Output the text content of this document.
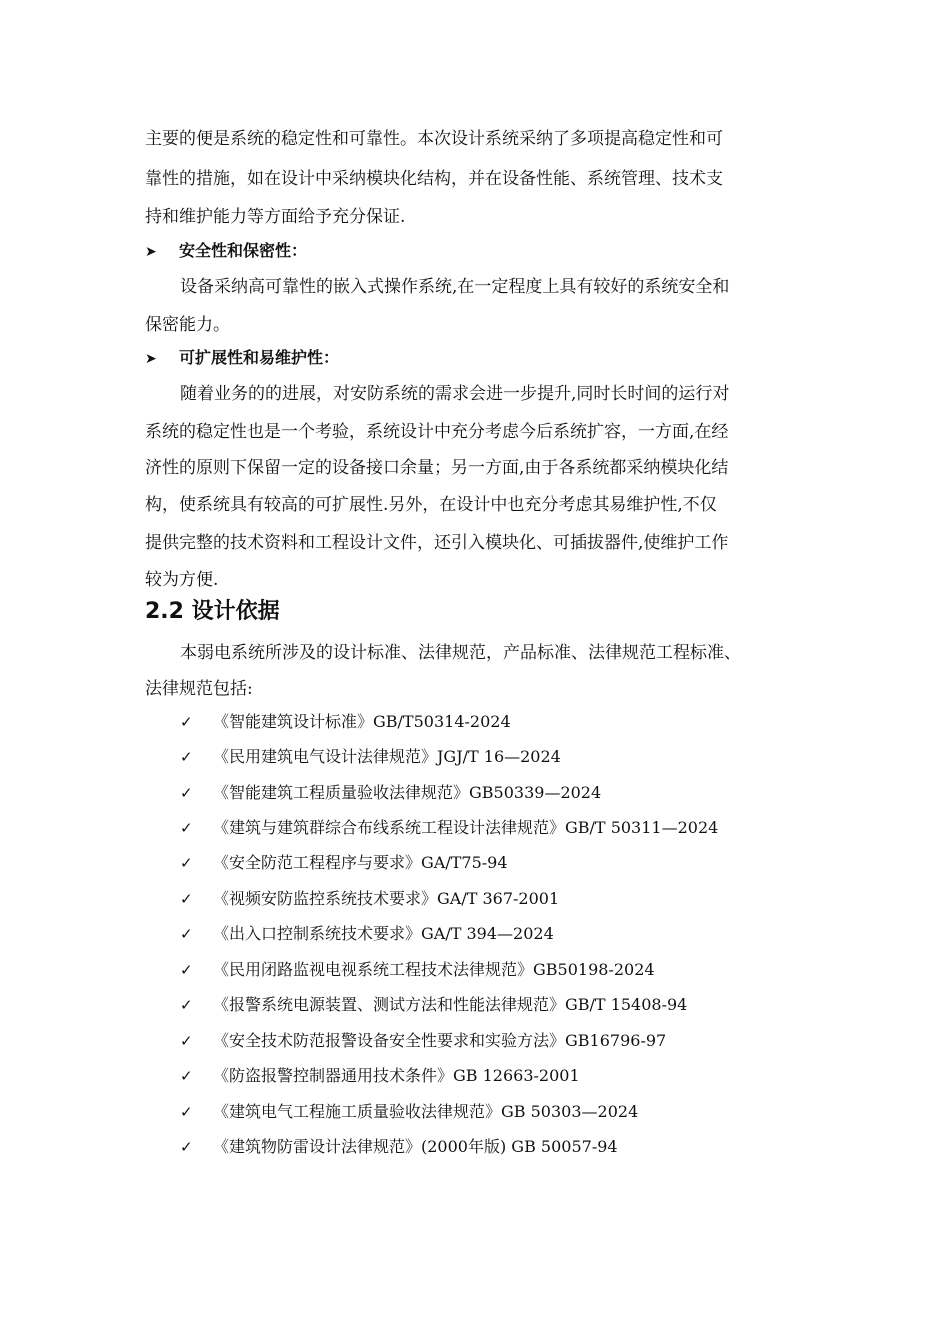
主要的便是系统的稳定性和可靠性。本次设计系统采纳了多项提高稳定性和可
靠性的措施，如在设计中采纳模块化结构，并在设备性能、系统管理、技术支
持和维护能力等方面给予充分保证.
➤ 安全性和保密性：
设备采纳高可靠性的嵌入式操作系统,在一定程度上具有较好的系统安全和
保密能力。
➤ 可扩展性和易维护性：
随着业务的的进展，对安防系统的需求会进一步提升,同时长时间的运行对
系统的稳定性也是一个考验，系统设计中充分考虑今后系统扩容，一方面,在经
济性的原则下保留一定的设备接口余量；另一方面,由于各系统都采纳模块化结
构，使系统具有较高的可扩展性.另外，在设计中也充分考虑其易维护性,不仅
提供完整的技术资料和工程设计文件，还引入模块化、可插拔器件,使维护工作
较为方便.
2.2 设计依据
本弱电系统所涉及的设计标准、法律规范，产品标准、法律规范工程标准、
法律规范包括:
✓ 《智能建筑设计标准》GB/T50314-2024
✓ 《民用建筑电气设计法律规范》JGJ/T 16—2024
✓ 《智能建筑工程质量验收法律规范》GB50339—2024
✓ 《建筑与建筑群综合布线系统工程设计法律规范》GB/T 50311—2024
✓ 《安全防范工程程序与要求》GA/T75-94
✓ 《视频安防监控系统技术要求》GA/T 367-2001
✓ 《出入口控制系统技术要求》GA/T 394—2024
✓ 《民用闭路监视电视系统工程技术法律规范》GB50198-2024
✓ 《报警系统电源装置、测试方法和性能法律规范》GB/T 15408-94
✓ 《安全技术防范报警设备安全性要求和实验方法》GB16796-97
✓ 《防盗报警控制器通用技术条件》GB 12663-2001
✓ 《建筑电气工程施工质量验收法律规范》GB 50303—2024
✓ 《建筑物防雷设计法律规范》(2000年版) GB 50057-94
